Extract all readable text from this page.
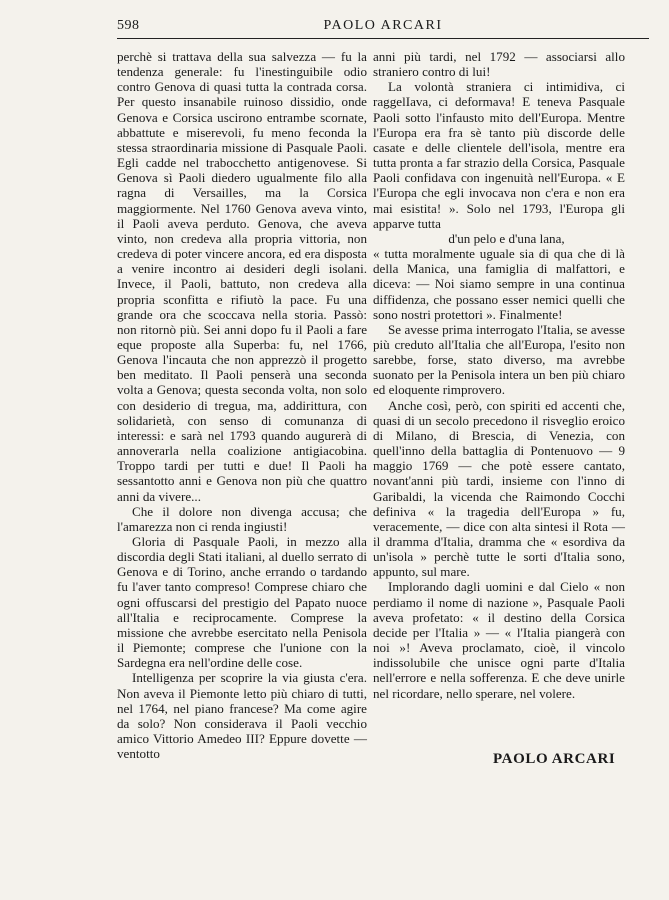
598	PAOLO ARCARI

perchè si trattava della sua salvezza — fu la tendenza generale: fu l'inestinguibile odio contro Genova di quasi tutta la contrada corsa. Per questo insanabile ruinoso dissidio, onde Genova e Corsica uscirono entrambe scornate, abbattute e miserevoli, fu meno feconda la stessa straordinaria missione di Pasquale Paoli. Egli cadde nel trabocchetto antigenovese. Si Genova sì Paoli diedero ugualmente filo alla ragna di Versailles, ma la Corsica maggiormente. Nel 1760 Genova aveva vinto, il Paoli aveva perduto. Genova, che aveva vinto, non credeva alla propria vittoria, non credeva di poter vincere ancora, ed era disposta a venire incontro ai desideri degli isolani. Invece, il Paoli, battuto, non credeva alla propria sconfitta e rifiutò la pace. Fu una grande ora che scoccava nella storia. Passò: non ritornò più. Sei anni dopo fu il Paoli a fare eque proposte alla Superba: fu, nel 1766, Genova l'incauta che non apprezzò il progetto ben meditato. Il Paoli penserà una seconda volta a Genova; questa seconda volta, non solo con desiderio di tregua, ma, addirittura, con solidarietà, con senso di comunanza di interessi: e sarà nel 1793 quando augurerà di annoverarla nella coalizione antigiacobina. Troppo tardi per tutti e due! Il Paoli ha sessantotto anni e Genova non più che quattro anni da vivere...

Che il dolore non divenga accusa; che l'amarezza non ci renda ingiusti!

Gloria di Pasquale Paoli, in mezzo alla discordia degli Stati italiani, al duello serrato di Genova e di Torino, anche errando o tardando fu l'aver tanto compreso! Comprese chiaro che ogni offuscarsi del prestigio del Papato nuoce all'Italia e reciprocamente. Comprese la missione che avrebbe esercitato nella Penisola il Piemonte; comprese che l'unione con la Sardegna era nell'ordine delle cose.

Intelligenza per scoprire la via giusta c'era. Non aveva il Piemonte letto più chiaro di tutti, nel 1764, nel piano francese? Ma come agire da solo? Non considerava il Paoli vecchio amico Vittorio Amedeo III? Eppure dovette — ventotto

anni più tardi, nel 1792 — associarsi allo straniero contro di lui!

La volontà straniera ci intimidiva, ci raggelIava, ci deformava! E teneva Pasquale Paoli sotto l'infausto mito dell'Europa. Mentre l'Europa era fra sè tanto più discorde delle casate e delle clientele dell'isola, mentre era tutta pronta a far strazio della Corsica, Pasquale Paoli confidava con ingenuità nell'Europa. « E l'Europa che egli invocava non c'era e non era mai esistita! ». Solo nel 1793, l'Europa gli apparve tutta

d'un pelo e d'una lana,

« tutta moralmente uguale sia di qua che di là della Manica, una famiglia di malfattori, e diceva: — Noi siamo sempre in una continua diffidenza, che possano esser nemici quelli che sono nostri protettori ». Finalmente!

Se avesse prima interrogato l'Italia, se avesse più creduto all'Italia che all'Europa, l'esito non sarebbe, forse, stato diverso, ma avrebbe suonato per la Penisola intera un ben più chiaro ed eloquente rimprovero.

Anche così, però, con spiriti ed accenti che, quasi di un secolo precedono il risveglio eroico di Milano, di Brescia, di Venezia, con quell'inno della battaglia di Pontenuovo — 9 maggio 1769 — che potè essere cantato, novant'anni più tardi, insieme con l'inno di Garibaldi, la vicenda che Raimondo Cocchi definiva « la tragedia dell'Europa » fu, veracemente, — dice con alta sintesi il Rota — il dramma d'Italia, dramma che « esordiva da un'isola » perchè tutte le sorti d'Italia sono, appunto, sul mare.

Implorando dagli uomini e dal Cielo « non perdiamo il nome di nazione », Pasquale Paoli aveva profetato: « il destino della Corsica decide per l'Italia » — « l'Italia piangerà con noi »! Aveva proclamato, cioè, il vincolo indissolubile che unisce ogni parte d'Italia nell'errore e nella sofferenza. E che deve unirle nel ricordare, nello sperare, nel volere.

PAOLO ARCARI
